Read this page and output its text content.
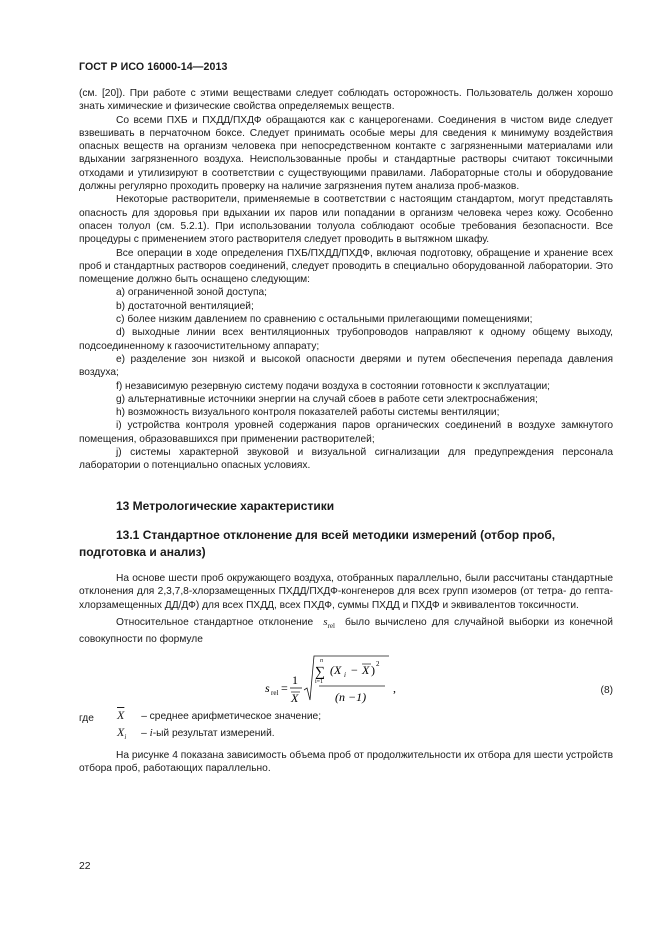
ГОСТ Р ИСО 16000-14—2013

(см. [20]). При работе с этими веществами следует соблюдать осторожность. Пользователь должен хорошо знать химические и физические свойства определяемых веществ.

Со всеми ПХБ и ПХДД/ПХДФ обращаются как с канцерогенами. Соединения в чистом виде следует взвешивать в перчаточном боксе. Следует принимать особые меры для сведения к минимуму воздействия опасных веществ на организм человека при непосредственном контакте с загрязненными материалами или вдыхании загрязненного воздуха. Неиспользованные пробы и стандартные растворы считают токсичными отходами и утилизируют в соответствии с существующими правилами. Лабораторные столы и оборудование должны регулярно проходить проверку на наличие загрязнения путем анализа проб-мазков.

Некоторые растворители, применяемые в соответствии с настоящим стандартом, могут представлять опасность для здоровья при вдыхании их паров или попадании в организм человека через кожу. Особенно опасен толуол (см. 5.2.1). При использовании толуола соблюдают особые требования безопасности. Все процедуры с применением этого растворителя следует проводить в вытяжном шкафу.

Все операции в ходе определения ПХБ/ПХДД/ПХДФ, включая подготовку, обращение и хранение всех проб и стандартных растворов соединений, следует проводить в специально оборудованной лаборатории. Это помещение должно быть оснащено следующим:

а) ограниченной зоной доступа;

b) достаточной вентиляцией;

c) более низким давлением по сравнению с остальными прилегающими помещениями;

d) выходные линии всех вентиляционных трубопроводов направляют к одному общему выходу, подсоединенному к газоочистительному аппарату;

e) разделение зон низкой и высокой опасности дверями и путем обеспечения перепада давления воздуха;

f) независимую резервную систему подачи воздуха в состоянии готовности к эксплуатации;

g) альтернативные источники энергии на случай сбоев в работе сети электроснабжения;

h) возможность визуального контроля показателей работы системы вентиляции;

i) устройства контроля уровней содержания паров органических соединений в воздухе замкнутого помещения, образовавшихся при применении растворителей;

j) системы характерной звуковой и визуальной сигнализации для предупреждения персонала лаборатории о потенциально опасных условиях.

13 Метрологические характеристики
13.1 Стандартное отклонение для всей методики измерений (отбор проб, подготовка и анализ)

На основе шести проб окружающего воздуха, отобранных параллельно, были рассчитаны стандартные отклонения для 2,3,7,8-хлорзамещенных ПХДД/ПХДФ-конгенеров для всех групп изомеров (от тетра- до гепта-хлорзамещенных ДД/ДФ) для всех ПХДД, всех ПХДФ, суммы ПХДД и ПХДФ и эквивалентов токсичности.

Относительное стандартное отклонение $s_{rel}$ было вычислено для случайной выборки из конечной совокупности по формуле

s rel =
1
X
n
∑
i=1
(X i − X ) 2
(n −1)
,	(8)
где $\overline{X}$ – среднее арифметическое значение;
$X_i - i-ый$ результат измерений.

На рисунке 4 показана зависимость объема проб от продолжительности их отбора для шести устройств отбора проб, работающих параллельно.

22
